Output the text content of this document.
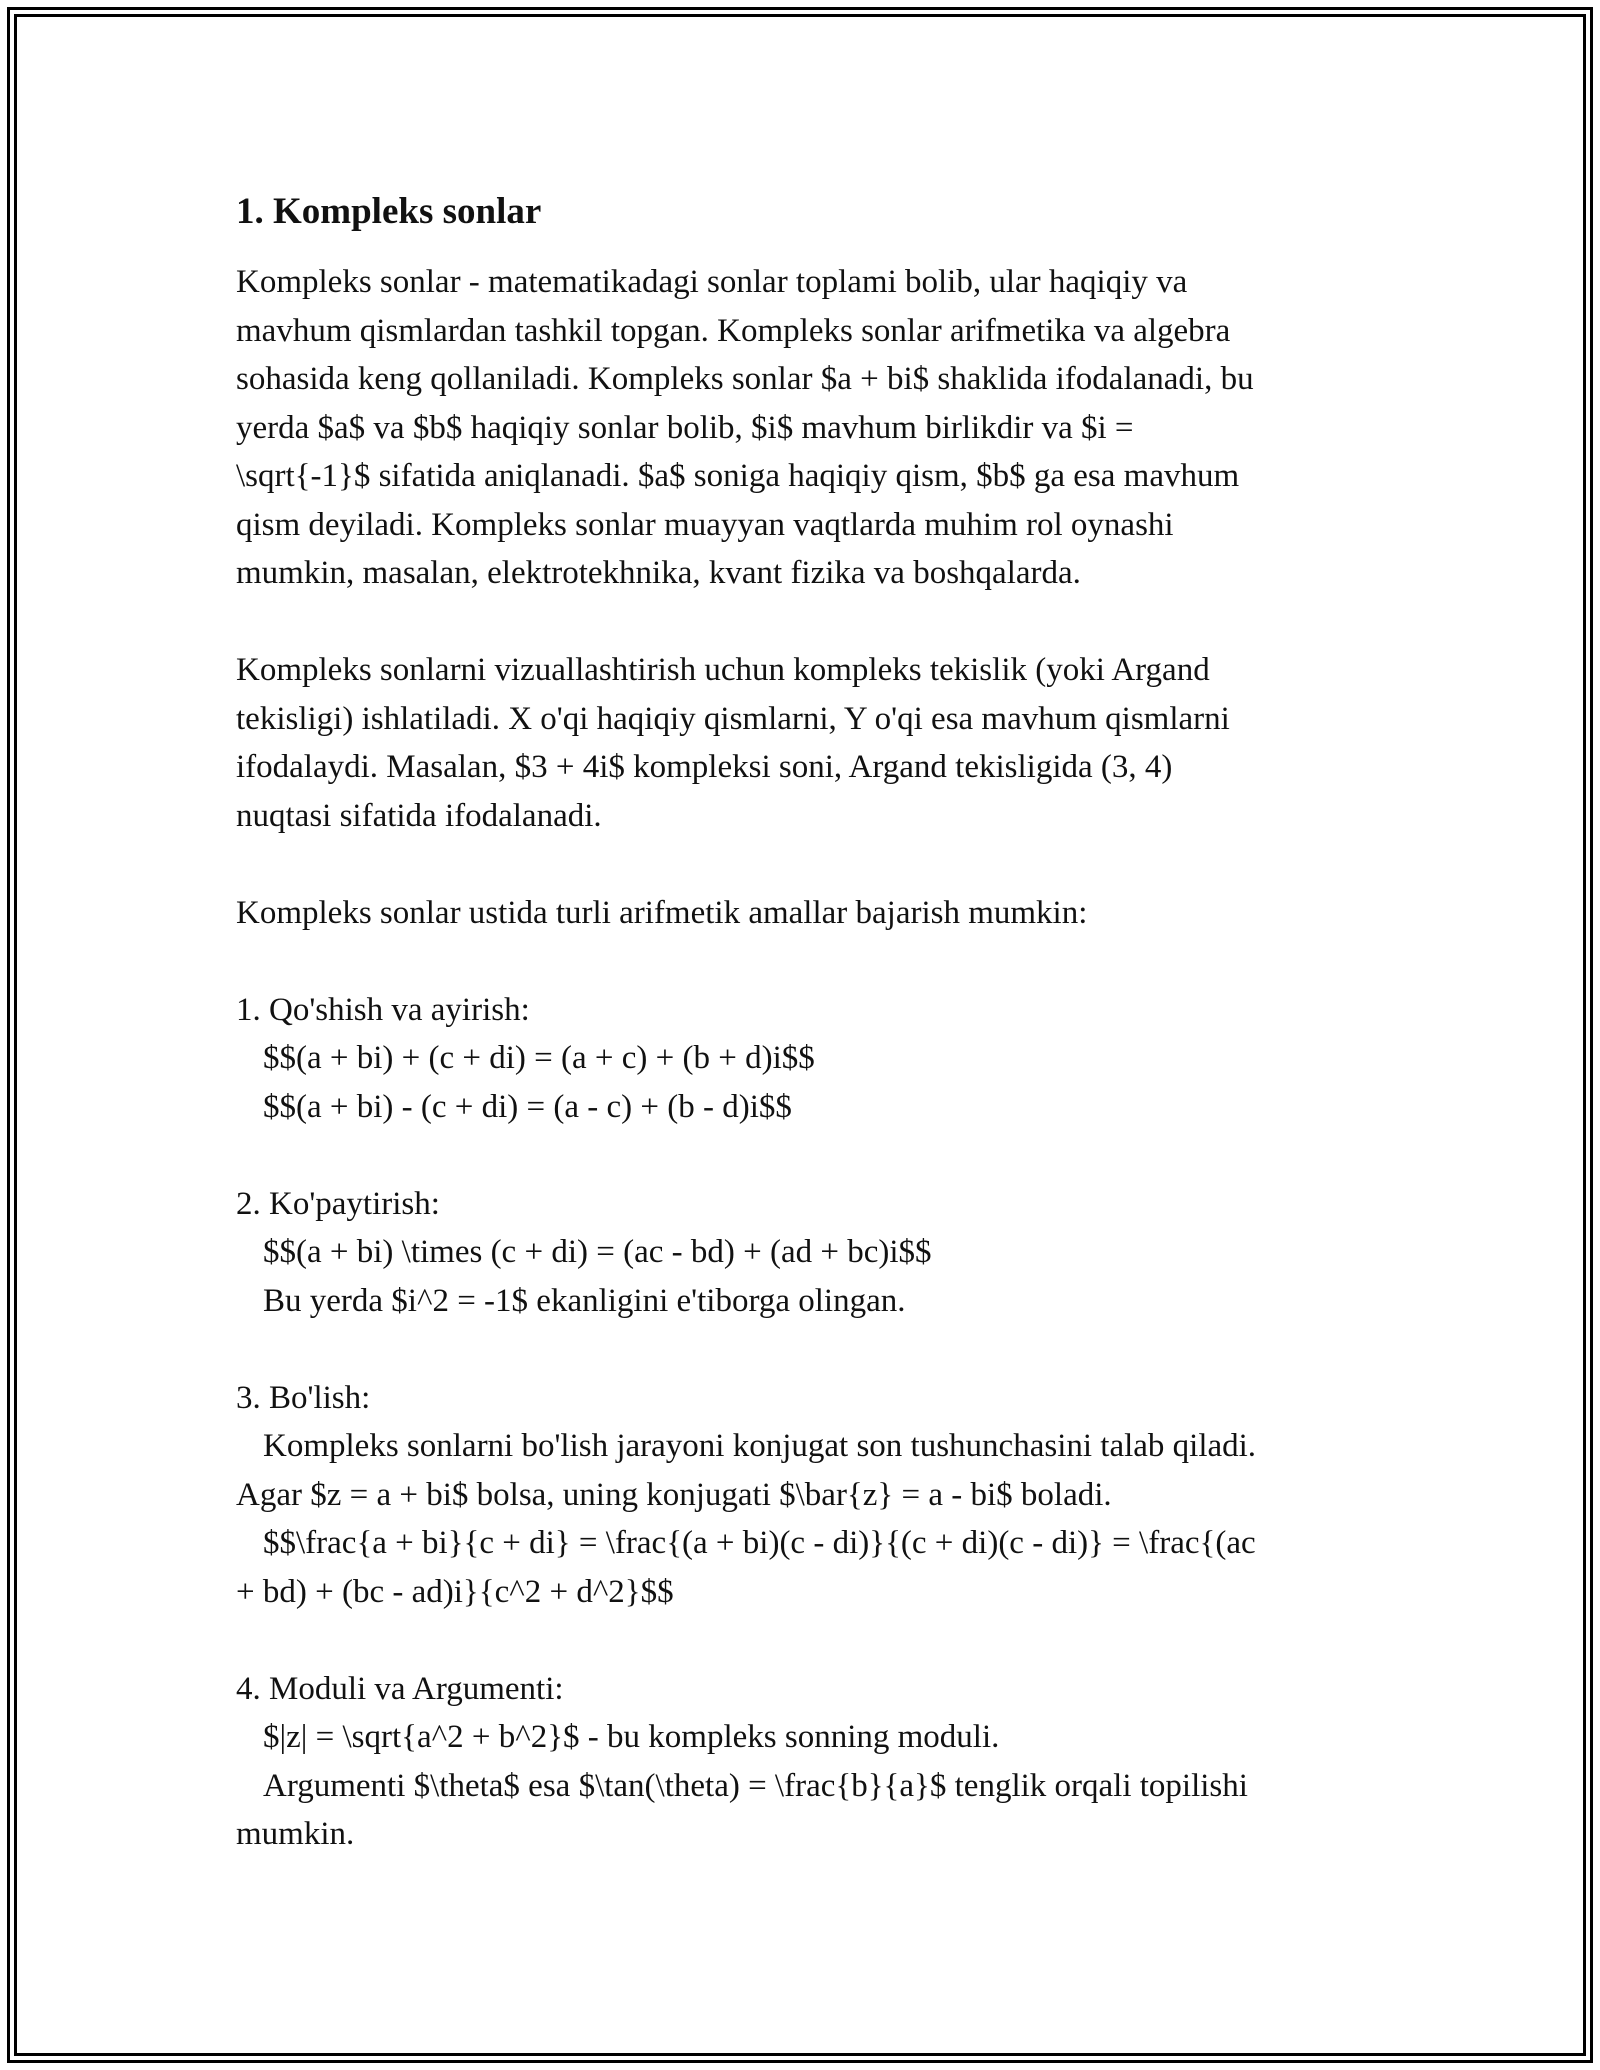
1. Kompleks sonlar
Kompleks sonlar - matematikadagi sonlar toplami bolib, ular haqiqiy va
mavhum qismlardan tashkil topgan. Kompleks sonlar arifmetika va algebra
sohasida keng qollaniladi. Kompleks sonlar $a + bi$ shaklida ifodalanadi, bu
yerda $a$ va $b$ haqiqiy sonlar bolib, $i$ mavhum birlikdir va $i =
\sqrt{-1}$ sifatida aniqlanadi. $a$ soniga haqiqiy qism, $b$ ga esa mavhum
qism deyiladi. Kompleks sonlar muayyan vaqtlarda muhim rol oynashi
mumkin, masalan, elektrotekhnika, kvant fizika va boshqalarda.
Kompleks sonlarni vizuallashtirish uchun kompleks tekislik (yoki Argand
tekisligi) ishlatiladi. X o'qi haqiqiy qismlarni, Y o'qi esa mavhum qismlarni
ifodalaydi. Masalan, $3 + 4i$ kompleksi soni, Argand tekisligida (3, 4)
nuqtasi sifatida ifodalanadi.
Kompleks sonlar ustida turli arifmetik amallar bajarish mumkin:
1. Qo'shish va ayirish:
$$(a + bi) + (c + di) = (a + c) + (b + d)i$$
$$(a + bi) - (c + di) = (a - c) + (b - d)i$$
2. Ko'paytirish:
$$(a + bi) \times (c + di) = (ac - bd) + (ad + bc)i$$
Bu yerda $i^2 = -1$ ekanligini e'tiborga olingan.
3. Bo'lish:
Kompleks sonlarni bo'lish jarayoni konjugat son tushunchasini talab qiladi.
Agar $z = a + bi$ bolsa, uning konjugati $\bar{z} = a - bi$ boladi.
$$\frac{a + bi}{c + di} = \frac{(a + bi)(c - di)}{(c + di)(c - di)} = \frac{(ac
+ bd) + (bc - ad)i}{c^2 + d^2}$$
4. Moduli va Argumenti:
$|z| = \sqrt{a^2 + b^2}$ - bu kompleks sonning moduli.
Argumenti $\theta$ esa $\tan(\theta) = \frac{b}{a}$ tenglik orqali topilishi
mumkin.
